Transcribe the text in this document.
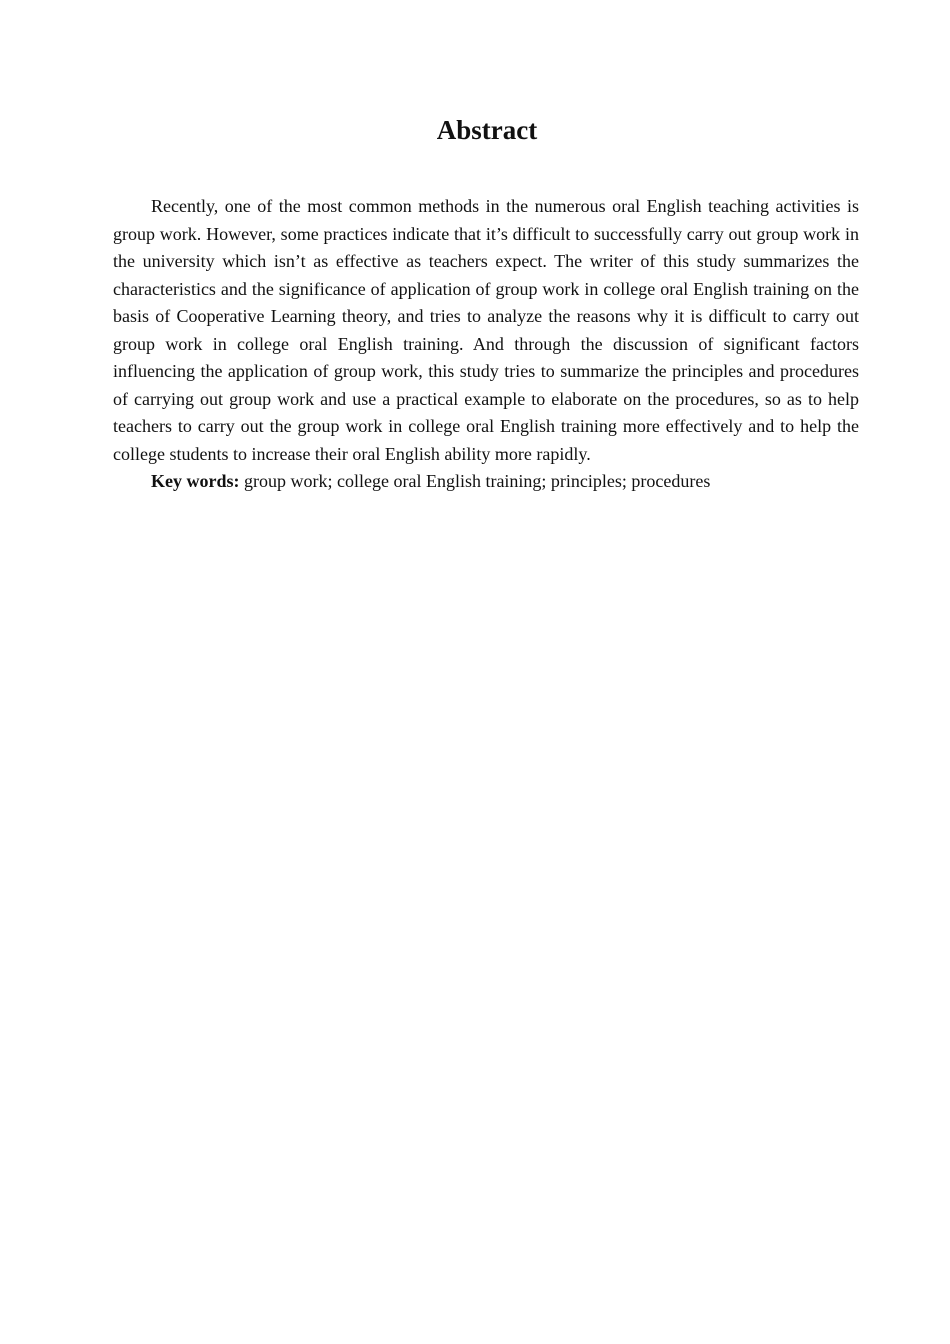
Abstract

Recently, one of the most common methods in the numerous oral English teaching activities is group work. However, some practices indicate that it’s difficult to successfully carry out group work in the university which isn’t as effective as teachers expect. The writer of this study summarizes the characteristics and the significance of application of group work in college oral English training on the basis of Cooperative Learning theory, and tries to analyze the reasons why it is difficult to carry out group work in college oral English training. And through the discussion of significant factors influencing the application of group work, this study tries to summarize the principles and procedures of carrying out group work and use a practical example to elaborate on the procedures, so as to help teachers to carry out the group work in college oral English training more effectively and to help the college students to increase their oral English ability more rapidly.

Key words: group work; college oral English training; principles; procedures
